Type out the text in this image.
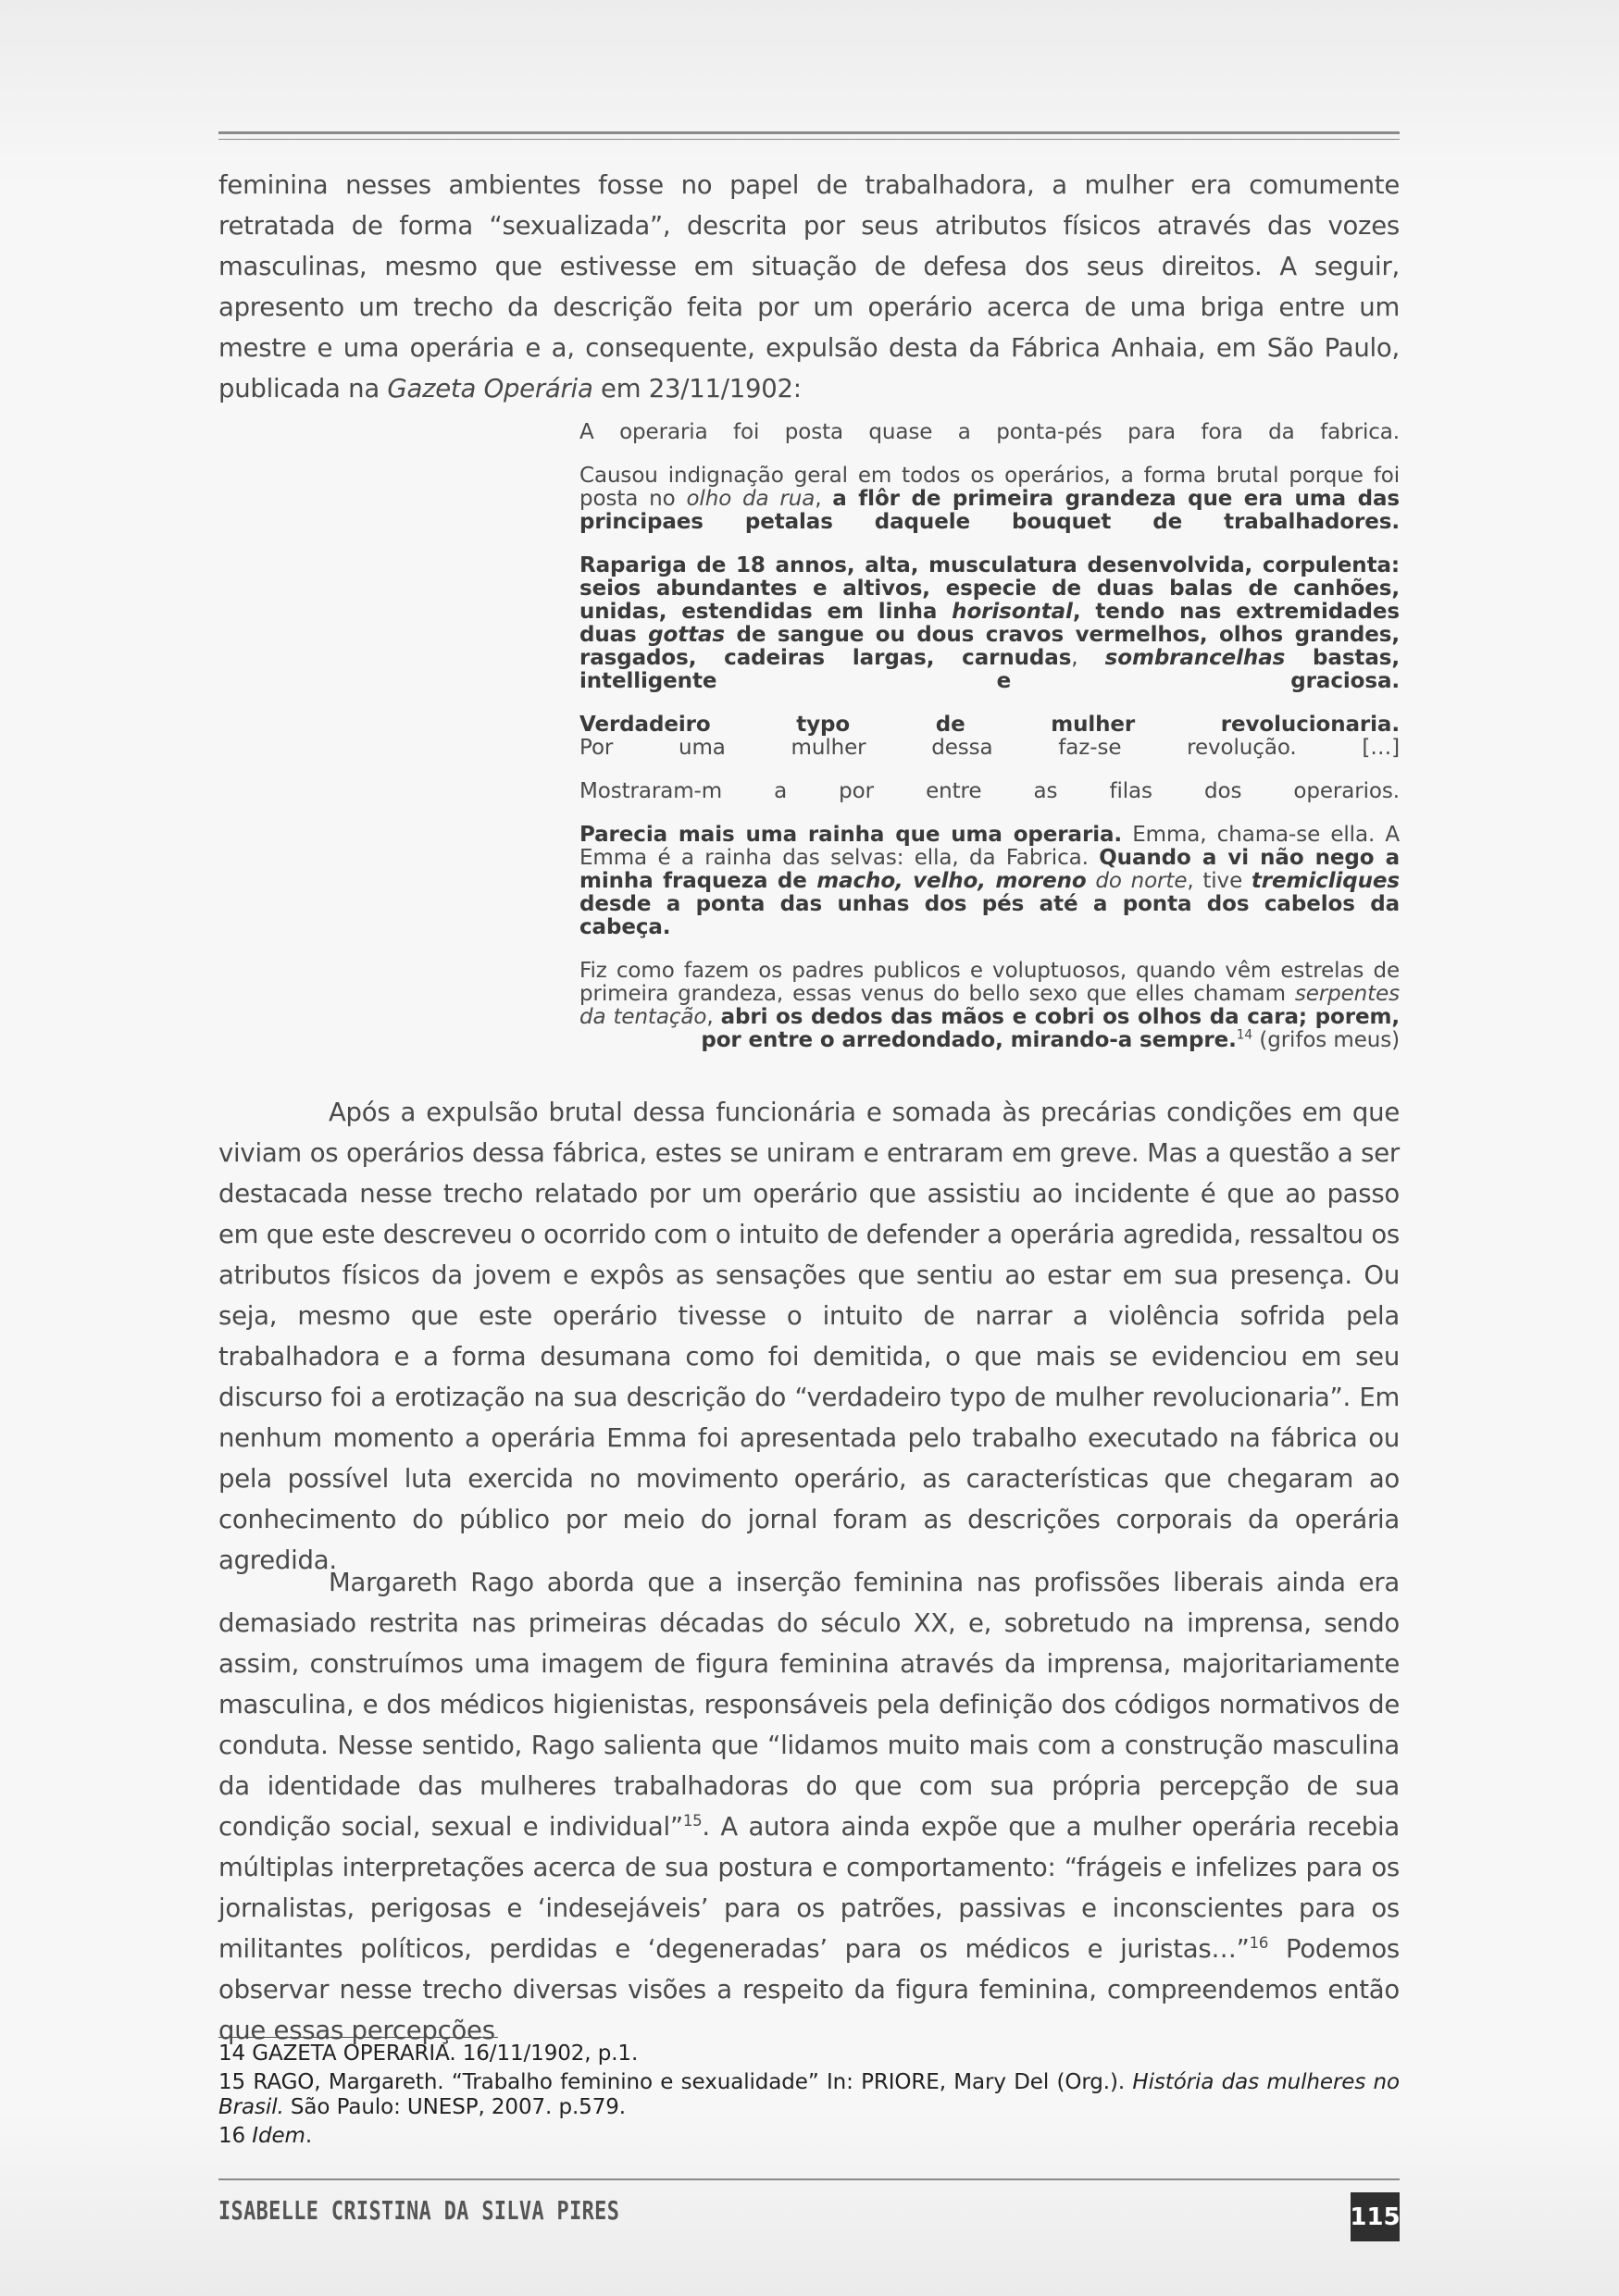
feminina nesses ambientes fosse no papel de trabalhadora, a mulher era comumente retratada de forma “sexualizada”, descrita por seus atributos físicos através das vozes masculinas, mesmo que estivesse em situação de defesa dos seus direitos. A seguir, apresento um trecho da descrição feita por um operário acerca de uma briga entre um mestre e uma operária e a, consequente, expulsão desta da Fábrica Anhaia, em São Paulo, publicada na Gazeta Operária em 23/11/1902:

A operaria foi posta quase a ponta-pés para fora da fabrica.

Causou indignação geral em todos os operários, a forma brutal porque foi posta no olho da rua, a flôr de primeira grandeza que era uma das principaes petalas daquele bouquet de trabalhadores.

Rapariga de 18 annos, alta, musculatura desenvolvida, corpulenta: seios abundantes e altivos, especie de duas balas de canhões, unidas, estendidas em linha horisontal, tendo nas extremidades duas gottas de sangue ou dous cravos vermelhos, olhos grandes, rasgados, cadeiras largas, carnudas, sombrancelhas bastas, intelligente e graciosa.

Verdadeiro typo de mulher revolucionaria.

Por uma mulher dessa faz-se revolução. […]

Mostraram-m a por entre as filas dos operarios.

Parecia mais uma rainha que uma operaria. Emma, chama-se ella. A Emma é a rainha das selvas: ella, da Fabrica. Quando a vi não nego a minha fraqueza de macho, velho, moreno do norte, tive tremicliques desde a ponta das unhas dos pés até a ponta dos cabelos da cabeça.

Fiz como fazem os padres publicos e voluptuosos, quando vêm estrelas de primeira grandeza, essas venus do bello sexo que elles chamam serpentes da tentação, abri os dedos das mãos e cobri os olhos da cara; porem, por entre o arredondado, mirando-a sempre.$^{14}$ (grifos meus)

Após a expulsão brutal dessa funcionária e somada às precárias condições em que viviam os operários dessa fábrica, estes se uniram e entraram em greve. Mas a questão a ser destacada nesse trecho relatado por um operário que assistiu ao incidente é que ao passo em que este descreveu o ocorrido com o intuito de defender a operária agredida, ressaltou os atributos físicos da jovem e expôs as sensações que sentiu ao estar em sua presença. Ou seja, mesmo que este operário tivesse o intuito de narrar a violência sofrida pela trabalhadora e a forma desumana como foi demitida, o que mais se evidenciou em seu discurso foi a erotização na sua descrição do “verdadeiro typo de mulher revolucionaria”. Em nenhum momento a operária Emma foi apresentada pelo trabalho executado na fábrica ou pela possível luta exercida no movimento operário, as características que chegaram ao conhecimento do público por meio do jornal foram as descrições corporais da operária agredida.

Margareth Rago aborda que a inserção feminina nas profissões liberais ainda era demasiado restrita nas primeiras décadas do século XX, e, sobretudo na imprensa, sendo assim, construímos uma imagem de figura feminina através da imprensa, majoritariamente masculina, e dos médicos higienistas, responsáveis pela definição dos códigos normativos de conduta. Nesse sentido, Rago salienta que “lidamos muito mais com a construção masculina da identidade das mulheres trabalhadoras do que com sua própria percepção de sua condição social, sexual e individual”$^{15}$. A autora ainda expõe que a mulher operária recebia múltiplas interpretações acerca de sua postura e comportamento: “frágeis e infelizes para os jornalistas, perigosas e ‘indesejáveis’ para os patrões, passivas e inconscientes para os militantes políticos, perdidas e ‘degeneradas’ para os médicos e juristas…”$^{16}$ Podemos observar nesse trecho diversas visões a respeito da figura feminina, compreendemos então que essas percepções

14 GAZETA OPERARIA. 16/11/1902, p.1.

15 RAGO, Margareth. “Trabalho feminino e sexualidade” In: PRIORE, Mary Del (Org.). História das mulheres no Brasil. São Paulo: UNESP, 2007. p.579.

16 Idem.

ISABELLE CRISTINA DA SILVA PIRES	115
